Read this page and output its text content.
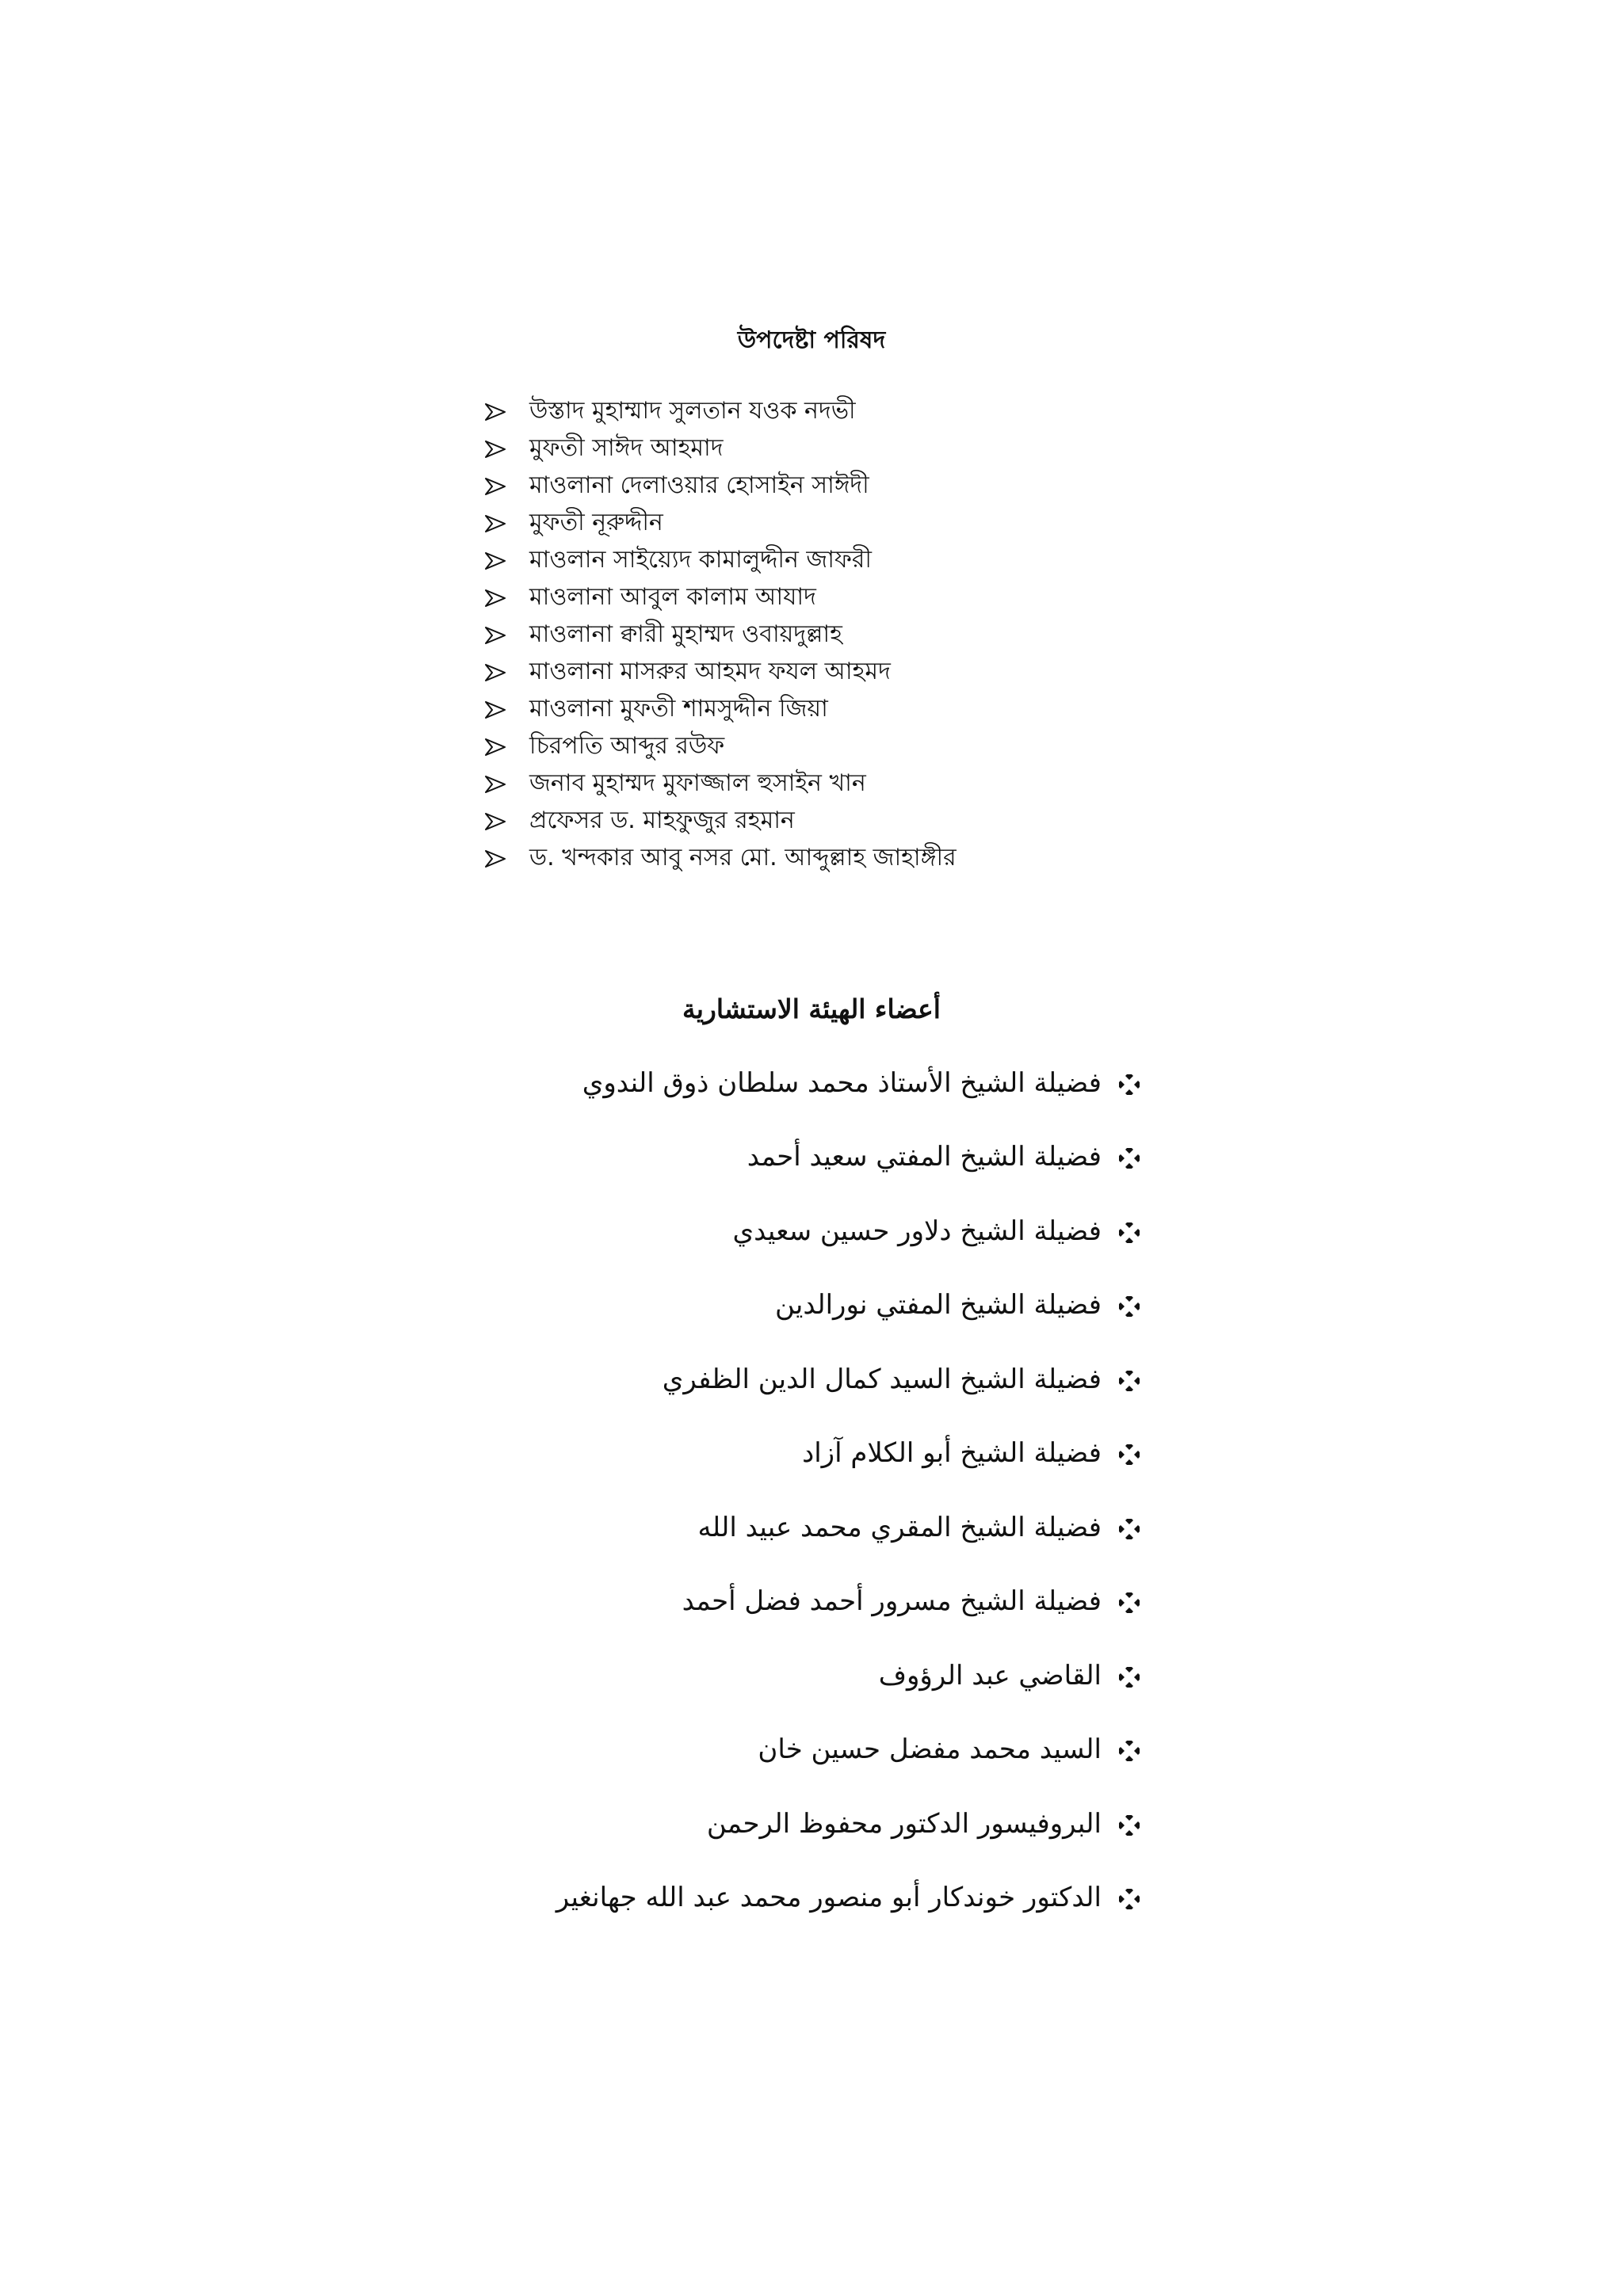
উপদেষ্টা পরিষদ
উস্তাদ মুহাম্মাদ সুলতান যওক নদভী
মুফতী সাঈদ আহমাদ
মাওলানা দেলাওয়ার হোসাইন সাঈদী
মুফতী নূরুদ্দীন
মাওলান সাইয়্যেদ কামালুদ্দীন জাফরী
মাওলানা আবুল কালাম আযাদ
মাওলানা ক্বারী মুহাম্মদ ওবায়দুল্লাহ
মাওলানা মাসরুর আহমদ ফযল আহমদ
মাওলানা মুফতী শামসুদ্দীন জিয়া
চিরপতি আব্দুর রউফ
জনাব মুহাম্মদ মুফাজ্জাল হুসাইন খান
প্রফেসর ড. মাহফুজুর রহমান
ড. খন্দকার আবু নসর মো. আব্দুল্লাহ জাহাঙ্গীর
أعضاء الهيئة الاستشارية
فضيلة الشيخ الأستاذ محمد سلطان ذوق الندوي
فضيلة الشيخ المفتي سعيد أحمد
فضيلة الشيخ دلاور حسين سعيدي
فضيلة الشيخ المفتي نورالدين
فضيلة الشيخ السيد كمال الدين الظفري
فضيلة الشيخ أبو الكلام آزاد
فضيلة الشيخ المقري محمد عبيد الله
فضيلة الشيخ مسرور أحمد فضل أحمد
القاضي عبد الرؤوف
السيد محمد مفضل حسين خان
البروفيسور الدكتور محفوظ الرحمن
الدكتور خوندكار أبو منصور محمد عبد الله جهانغير
